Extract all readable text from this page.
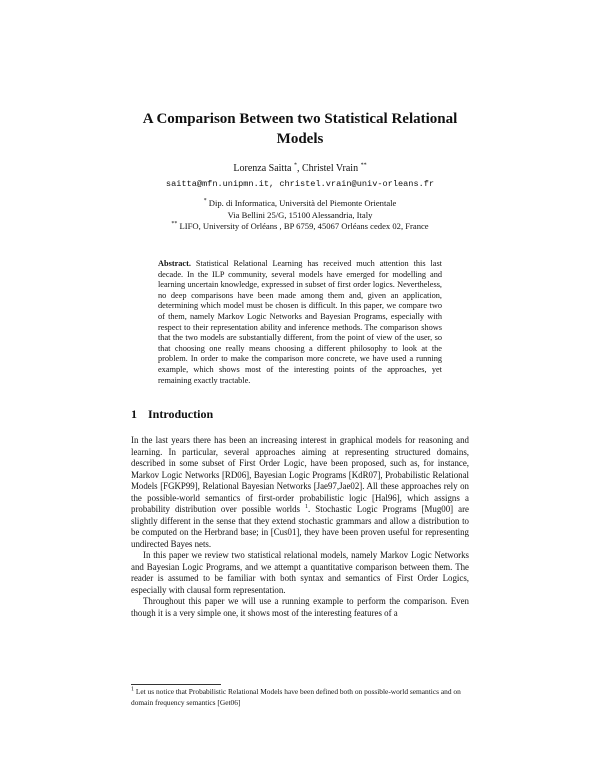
A Comparison Between two Statistical Relational
Models
Lorenza Saitta *, Christel Vrain **
saitta@mfn.unipmn.it, christel.vrain@univ-orleans.fr
* Dip. di Informatica, Università del Piemonte Orientale
Via Bellini 25/G, 15100 Alessandria, Italy
** LIFO, University of Orléans , BP 6759, 45067 Orléans cedex 02, France
Abstract. Statistical Relational Learning has received much attention this last decade. In the ILP community, several models have emerged for modelling and learning uncertain knowledge, expressed in subset of first order logics. Nevertheless, no deep comparisons have been made among them and, given an application, determining which model must be chosen is difficult. In this paper, we compare two of them, namely Markov Logic Networks and Bayesian Programs, especially with respect to their representation ability and inference methods. The comparison shows that the two models are substantially different, from the point of view of the user, so that choosing one really means choosing a different philosophy to look at the problem. In order to make the comparison more concrete, we have used a running example, which shows most of the interesting points of the approaches, yet remaining exactly tractable.
1 Introduction

In the last years there has been an increasing interest in graphical models for reasoning and learning. In particular, several approaches aiming at representing structured domains, described in some subset of First Order Logic, have been proposed, such as, for instance, Markov Logic Networks [RD06], Bayesian Logic Programs [KdR07], Probabilistic Relational Models [FGKP99], Relational Bayesian Networks [Jae97,Jae02]. All these approaches rely on the possible-world semantics of first-order probabilistic logic [Hal96], which assigns a probability distribution over possible worlds $^1$. Stochastic Logic Programs [Mug00] are slightly different in the sense that they extend stochastic grammars and allow a distribution to be computed on the Herbrand base; in [Cus01], they have been proven useful for representing undirected Bayes nets.

In this paper we review two statistical relational models, namely Markov Logic Networks and Bayesian Logic Programs, and we attempt a quantitative comparison between them. The reader is assumed to be familiar with both syntax and semantics of First Order Logics, especially with clausal form representation.

Throughout this paper we will use a running example to perform the comparison. Even though it is a very simple one, it shows most of the interesting features of a

$^1$ Let us notice that Probabilistic Relational Models have been defined both on possible-world semantics and on domain frequency semantics [Get06]
